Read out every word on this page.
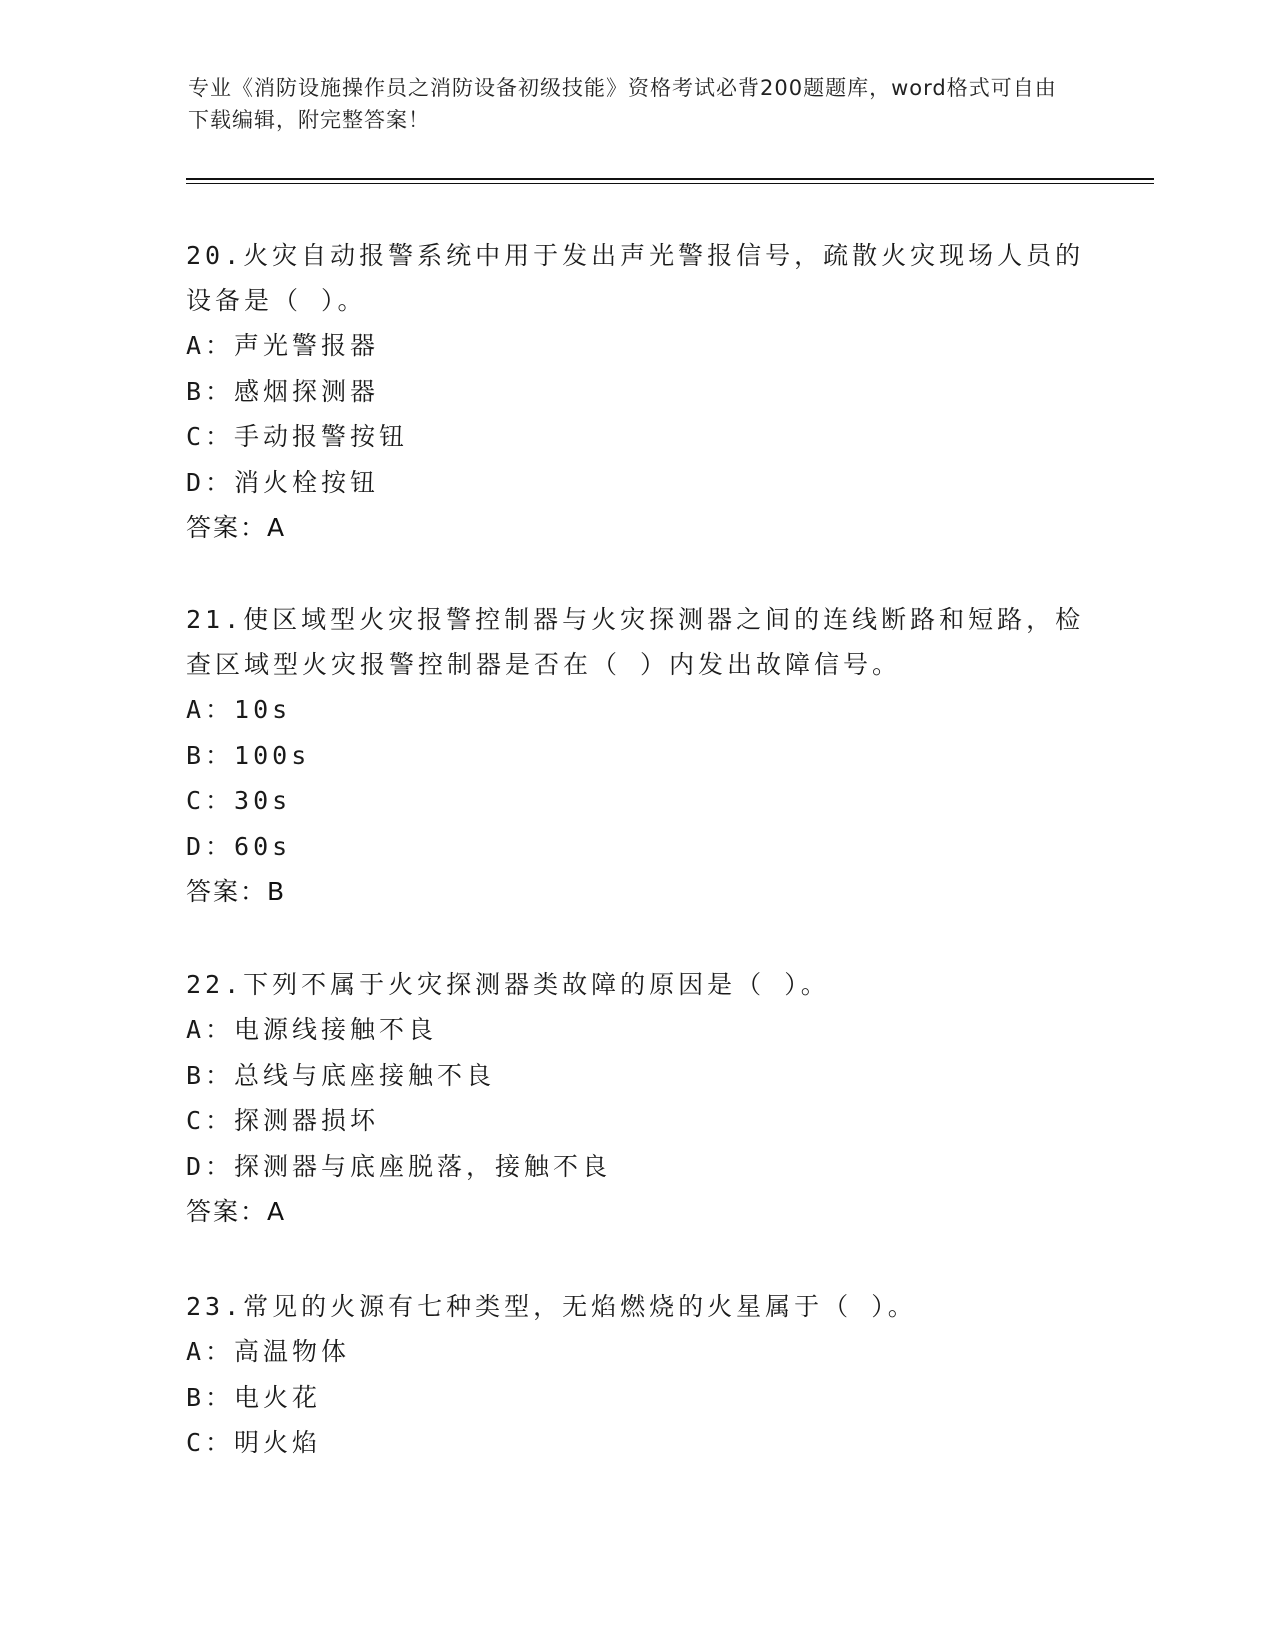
专业《消防设施操作员之消防设备初级技能》资格考试必背200题题库，word格式可自由下载编辑，附完整答案！

20.火灾自动报警系统中用于发出声光警报信号，疏散火灾现场人员的设备是（ ）。

A：声光警报器

B：感烟探测器

C：手动报警按钮

D：消火栓按钮

答案：A

21.使区域型火灾报警控制器与火灾探测器之间的连线断路和短路，检查区域型火灾报警控制器是否在（ ）内发出故障信号。

A：10s

B：100s

C：30s

D：60s

答案：B

22.下列不属于火灾探测器类故障的原因是（ ）。

A：电源线接触不良

B：总线与底座接触不良

C：探测器损坏

D：探测器与底座脱落，接触不良

答案：A

23.常见的火源有七种类型，无焰燃烧的火星属于（ ）。

A：高温物体

B：电火花

C：明火焰
